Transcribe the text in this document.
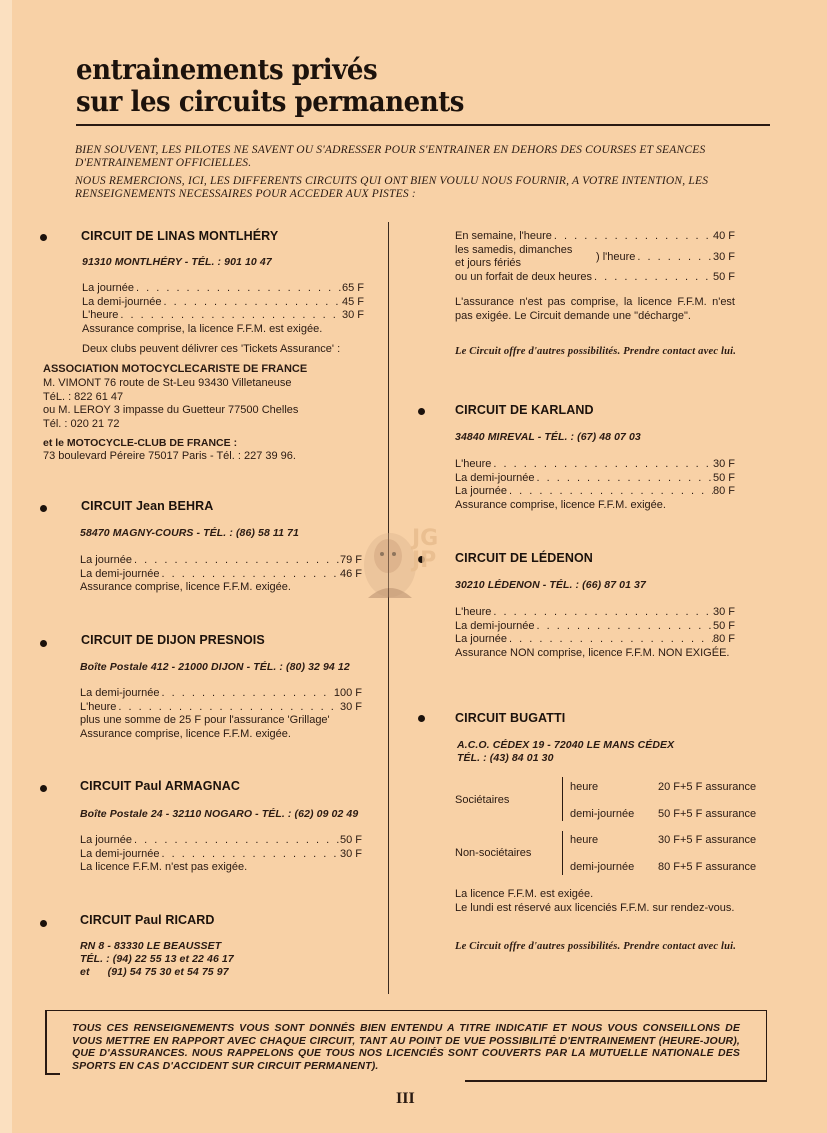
entrainements privés
sur les circuits permanents

BIEN SOUVENT, LES PILOTES NE SAVENT OU S'ADRESSER POUR S'ENTRAINER EN DEHORS DES COURSES ET SEANCES D'ENTRAINEMENT OFFICIELLES.

NOUS REMERCIONS, ICI, LES DIFFERENTS CIRCUITS QUI ONT BIEN VOULU NOUS FOURNIR, A VOTRE INTENTION, LES RENSEIGNEMENTS NECESSAIRES POUR ACCEDER AUX PISTES :

CIRCUIT DE LINAS MONTLHÉRY
91310 MONTLHÉRY - TÉL. : 901 10 47
La journée . . .	65 F
La demi-journée . . .	45 F
L'heure . . .	30 F
Assurance comprise, la licence F.F.M. est exigée.
Deux clubs peuvent délivrer ces 'Tickets Assurance' :
ASSOCIATION MOTOCYCLECARISTE DE FRANCE
M. VIMONT 76 route de St-Leu 93430 Villetaneuse
TéL. : 822 61 47
ou M. LEROY 3 impasse du Guetteur 77500 Chelles
Tél. : 020 21 72
et le MOTOCYCLE-CLUB DE FRANCE :
73 boulevard Péreire 75017 Paris - Tél. : 227 39 96.
CIRCUIT Jean BEHRA
58470 MAGNY-COURS - TÉL. : (86) 58 11 71
La journée . . .	79 F
La demi-journée . . .	46 F
Assurance comprise, licence F.F.M. exigée.
CIRCUIT DE DIJON PRESNOIS
Boîte Postale 412 - 21000 DIJON - TÉL. : (80) 32 94 12
La demi-journée . . .	100 F
L'heure . . .	30 F
plus une somme de 25 F pour l'assurance 'Grillage'
Assurance comprise, licence F.F.M. exigée.
CIRCUIT Paul ARMAGNAC
Boîte Postale 24 - 32110 NOGARO - TÉL. : (62) 09 02 49
La journée . . .	50 F
La demi-journée . . .	30 F
La licence F.F.M. n'est pas exigée.
CIRCUIT Paul RICARD
RN 8 - 83330 LE BEAUSSET
TÉL. : (94) 22 55 13 et 22 46 17
et      (91) 54 75 30 et 54 75 97
En semaine, l'heure . . .	40 F
les samedis, dimanches
et jours fériés	) l'heure . . .	30 F
ou un forfait de deux heures . . .	50 F
L'assurance n'est pas comprise, la licence F.F.M. n'est pas exigée. Le Circuit demande une "décharge".
Le Circuit offre d'autres possibilités. Prendre contact avec lui.
CIRCUIT DE KARLAND
34840 MIREVAL - TÉL. : (67) 48 07 03
L'heure . . .	30 F
La demi-journée . . .	50 F
La journée . . .	80 F
Assurance comprise, licence F.F.M. exigée.
CIRCUIT DE LÉDENON
30210 LÉDENON - TÉL. : (66) 87 01 37
L'heure . . .	30 F
La demi-journée . . .	50 F
La journée . . .	80 F
Assurance NON comprise, licence F.F.M. NON EXIGÉE.
CIRCUIT BUGATTI
A.C.O. CÉDEX 19 - 72040 LE MANS CÉDEX
TÉL. : (43) 84 01 30
Sociétaires
heure	20 F+5 F assurance
demi-journée 50 F+5 F assurance
Non-sociétaires
heure	30 F+5 F assurance
demi-journée 80 F+5 F assurance
La licence F.F.M. est exigée.
Le lundi est réservé aux licenciés F.F.M. sur rendez-vous.
Le Circuit offre d'autres possibilités. Prendre contact avec lui.
JG JP
TOUS CES RENSEIGNEMENTS VOUS SONT DONNÉS BIEN ENTENDU A TITRE INDICATIF ET NOUS VOUS CONSEILLONS DE VOUS METTRE EN RAPPORT AVEC CHAQUE CIRCUIT, TANT AU POINT DE VUE POSSIBILITÉ D'ENTRAINEMENT (HEURE-JOUR), QUE D'ASSURANCES. NOUS RAPPELONS QUE TOUS NOS LICENCIÉS SONT COUVERTS PAR LA MUTUELLE NATIONALE DES SPORTS EN CAS D'ACCIDENT SUR CIRCUIT PERMANENT).
III
